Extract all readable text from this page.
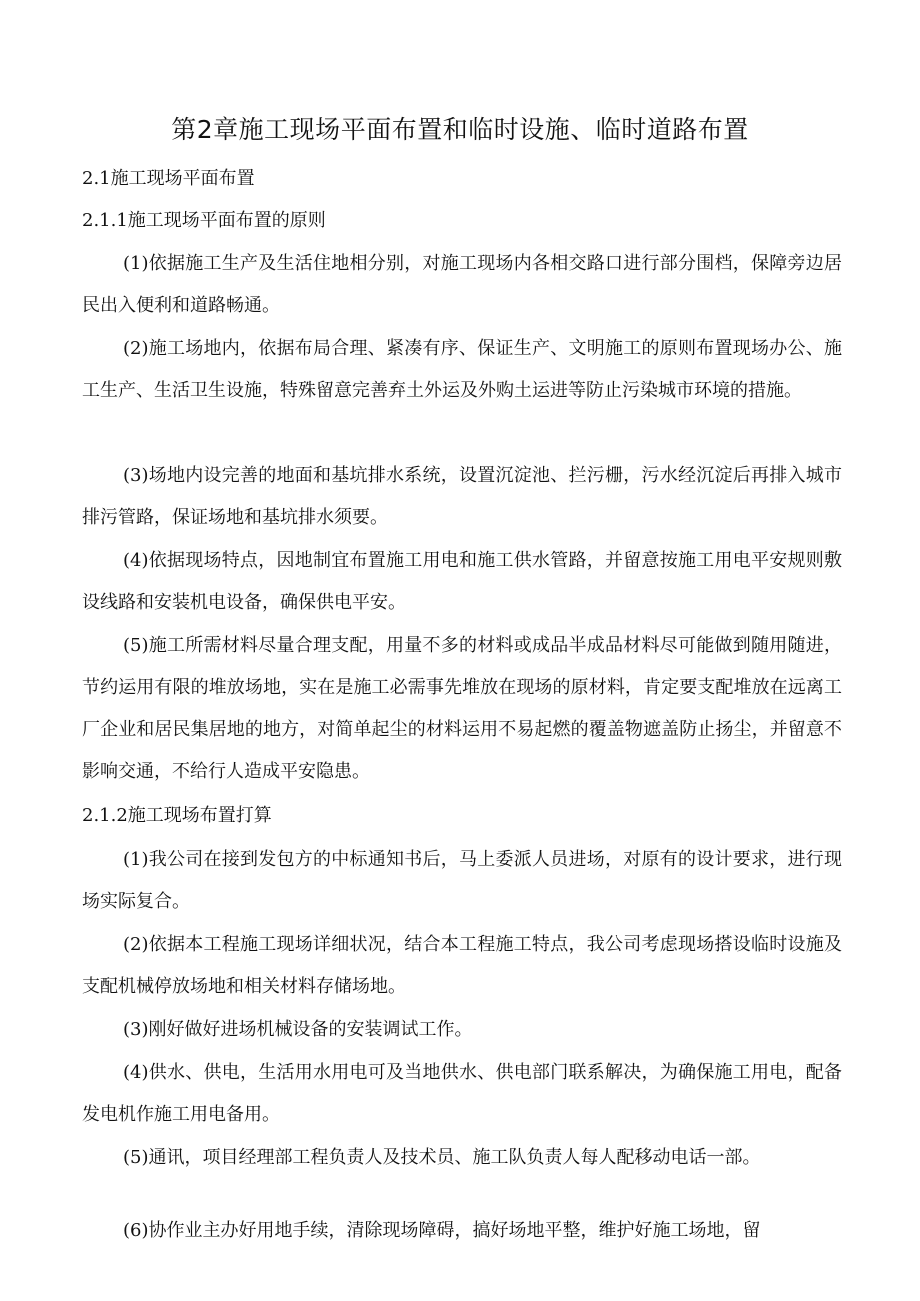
第2章施工现场平面布置和临时设施、临时道路布置
2.1施工现场平面布置
2.1.1施工现场平面布置的原则

(1)依据施工生产及生活住地相分别，对施工现场内各相交路口进行部分围档，保障旁边居民出入便利和道路畅通。

(2)施工场地内，依据布局合理、紧凑有序、保证生产、文明施工的原则布置现场办公、施工生产、生活卫生设施，特殊留意完善弃土外运及外购土运进等防止污染城市环境的措施。

(3)场地内设完善的地面和基坑排水系统，设置沉淀池、拦污栅，污水经沉淀后再排入城市排污管路，保证场地和基坑排水须要。

(4)依据现场特点，因地制宜布置施工用电和施工供水管路，并留意按施工用电平安规则敷设线路和安装机电设备，确保供电平安。

(5)施工所需材料尽量合理支配，用量不多的材料或成品半成品材料尽可能做到随用随进，节约运用有限的堆放场地，实在是施工必需事先堆放在现场的原材料，肯定要支配堆放在远离工厂企业和居民集居地的地方，对简单起尘的材料运用不易起燃的覆盖物遮盖防止扬尘，并留意不影响交通，不给行人造成平安隐患。

2.1.2施工现场布置打算

(1)我公司在接到发包方的中标通知书后，马上委派人员进场，对原有的设计要求，进行现场实际复合。

(2)依据本工程施工现场详细状况，结合本工程施工特点，我公司考虑现场搭设临时设施及支配机械停放场地和相关材料存储场地。

(3)刚好做好进场机械设备的安装调试工作。

(4)供水、供电，生活用水用电可及当地供水、供电部门联系解决，为确保施工用电，配备发电机作施工用电备用。

(5)通讯，项目经理部工程负责人及技术员、施工队负责人每人配移动电话一部。

(6)协作业主办好用地手续，清除现场障碍，搞好场地平整，维护好施工场地，留
